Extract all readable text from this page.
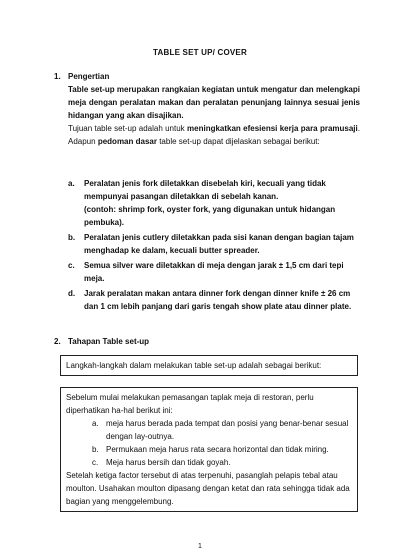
TABLE SET UP/ COVER
1. Pengertian
Table set-up merupakan rangkaian kegiatan untuk mengatur dan melengkapi meja dengan peralatan makan dan peralatan penunjang lainnya sesuai jenis hidangan yang akan disajikan.
Tujuan table set-up adalah untuk meningkatkan efesiensi kerja para pramusaji. Adapun pedoman dasar table set-up dapat dijelaskan sebagai berikut:
a. Peralatan jenis fork diletakkan disebelah kiri, kecuali yang tidak mempunyai pasangan diletakkan di sebelah kanan.
(contoh: shrimp fork, oyster fork, yang digunakan untuk hidangan pembuka).
b. Peralatan jenis cutlery diletakkan pada sisi kanan dengan bagian tajam menghadap ke dalam, kecuali butter spreader.
c. Semua silver ware diletakkan di meja dengan jarak ± 1,5 cm dari tepi meja.
d. Jarak peralatan makan antara dinner fork dengan dinner knife ± 26 cm dan 1 cm lebih panjang dari garis tengah show plate atau dinner plate.
2. Tahapan Table set-up
Langkah-langkah dalam melakukan table set-up adalah sebagai berikut:
Sebelum mulai melakukan pemasangan taplak meja di restoran, perlu diperhatikan ha-hal berikut ini:
a. meja harus berada pada tempat dan posisi yang benar-benar sesual dengan lay-outnya.
b. Permukaan meja harus rata secara horizontal dan tidak miring.
c. Meja harus bersih dan tidak goyah.
Setelah ketiga factor tersebut di atas terpenuhi, pasanglah pelapis tebal atau moulton. Usahakan moulton dipasang dengan ketat dan rata sehingga tidak ada bagian yang menggelembung.
1
